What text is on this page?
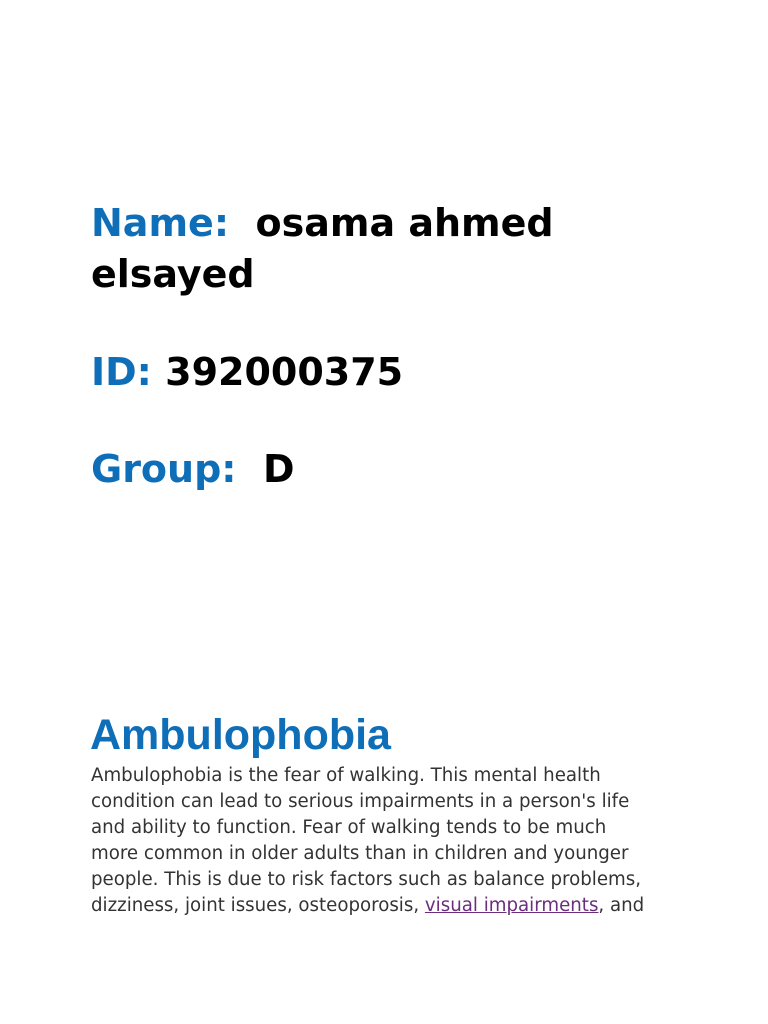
Name: osama ahmed
elsayed
ID: 392000375
Group: D
Ambulophobia

Ambulophobia is the fear of walking. This mental health
condition can lead to serious impairments in a person's life
and ability to function. Fear of walking tends to be much
more common in older adults than in children and younger
people. This is due to risk factors such as balance problems,
dizziness, joint issues, osteoporosis, visual impairments, and
